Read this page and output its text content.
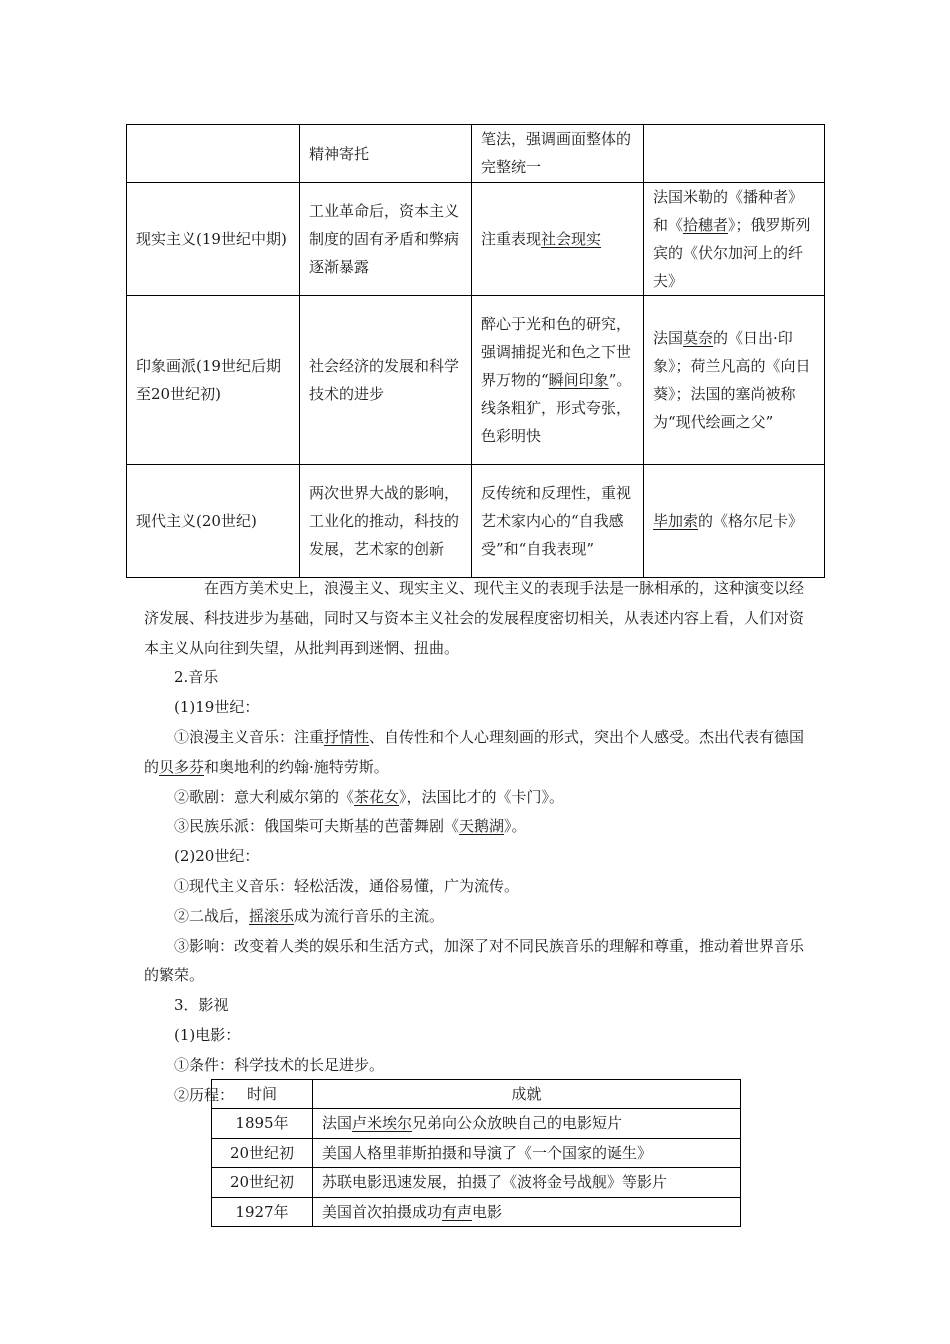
	精神寄托	笔法，强调画面整体的完整统一	
现实主义(19世纪中期)	工业革命后，资本主义制度的固有矛盾和弊病逐渐暴露	注重表现社会现实	法国米勒的《播种者》和《拾穗者》；俄罗斯列宾的《伏尔加河上的纤夫》
印象画派(19世纪后期至20世纪初)	社会经济的发展和科学技术的进步	醉心于光和色的研究，强调捕捉光和色之下世界万物的“瞬间印象”。线条粗犷，形式夸张，色彩明快	法国莫奈的《日出·印象》；荷兰凡高的《向日葵》；法国的塞尚被称为“现代绘画之父”
现代主义(20世纪)	两次世界大战的影响，工业化的推动，科技的发展，艺术家的创新	反传统和反理性，重视艺术家内心的“自我感受”和“自我表现”	毕加索的《格尔尼卡》

在西方美术史上，浪漫主义、现实主义、现代主义的表现手法是一脉相承的，这种演变以经济发展、科技进步为基础，同时又与资本主义社会的发展程度密切相关，从表述内容上看，人们对资本主义从向往到失望，从批判再到迷惘、扭曲。

2.音乐

(1)19世纪：

①浪漫主义音乐：注重抒情性、自传性和个人心理刻画的形式，突出个人感受。杰出代表有德国的贝多芬和奥地利的约翰·施特劳斯。

②歌剧：意大利威尔第的《茶花女》，法国比才的《卡门》。

③民族乐派：俄国柴可夫斯基的芭蕾舞剧《天鹅湖》。

(2)20世纪：

①现代主义音乐：轻松活泼，通俗易懂，广为流传。

②二战后，摇滚乐成为流行音乐的主流。

③影响：改变着人类的娱乐和生活方式，加深了对不同民族音乐的理解和尊重，推动着世界音乐的繁荣。

3．影视

(1)电影：

①条件：科学技术的长足进步。

②历程： 时间	成就
1895年	法国卢米埃尔兄弟向公众放映自己的电影短片
20世纪初	美国人格里菲斯拍摄和导演了《一个国家的诞生》
20世纪初	苏联电影迅速发展，拍摄了《波将金号战舰》等影片
1927年	美国首次拍摄成功有声电影
